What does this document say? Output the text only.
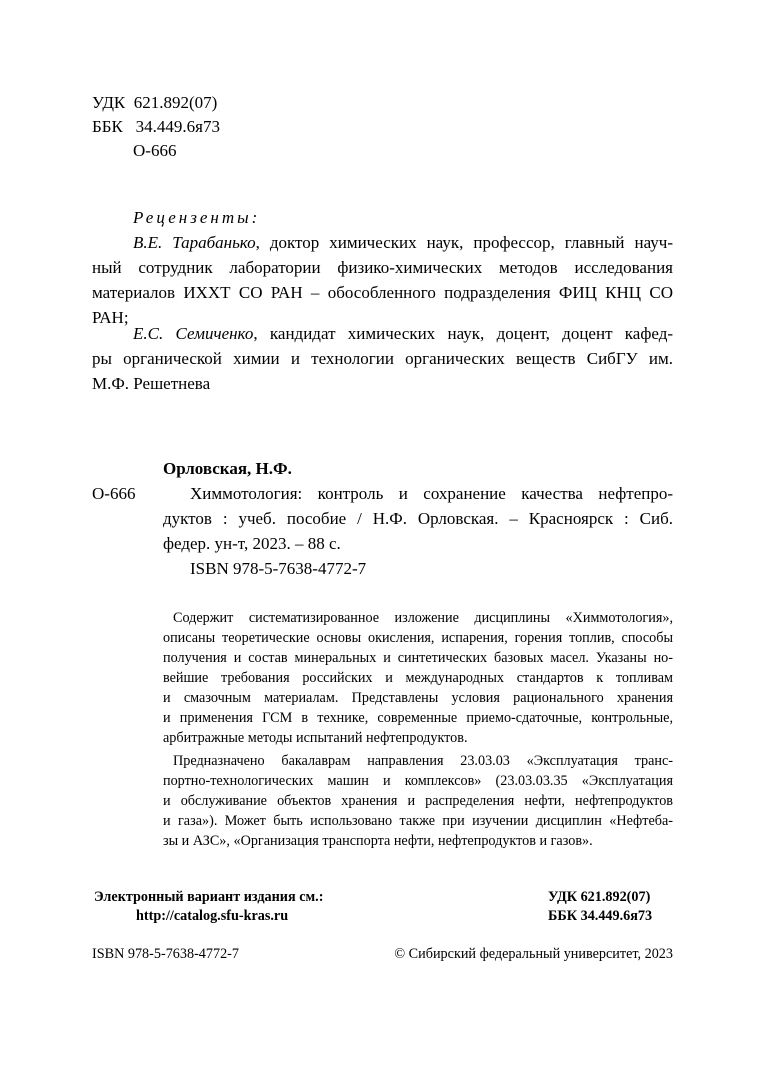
УДК 621.892(07)
ББК 34.449.6я73
О-666
Рецензенты:
В.Е. Тарабанько, доктор химических наук, профессор, главный науч-
ный сотрудник лаборатории физико-химических методов исследования
материалов ИХХТ СО РАН – обособленного подразделения ФИЦ КНЦ СО
РАН;
Е.С. Семиченко, кандидат химических наук, доцент, доцент кафед-
ры органической химии и технологии органических веществ СибГУ им.
М.Ф. Решетнева
Орловская, Н.Ф.
О-666	Химмотология: контроль и сохранение качества нефтепро-
дуктов : учеб. пособие / Н.Ф. Орловская. – Красноярск : Сиб.
федер. ун-т, 2023. – 88 с.
ISBN 978-5-7638-4772-7
Содержит систематизированное изложение дисциплины «Химмотология»,
описаны теоретические основы окисления, испарения, горения топлив, способы
получения и состав минеральных и синтетических базовых масел. Указаны но-
вейшие требования российских и международных стандартов к топливам
и смазочным материалам. Представлены условия рационального хранения
и применения ГСМ в технике, современные приемо-сдаточные, контрольные,
арбитражные методы испытаний нефтепродуктов.
Предназначено бакалаврам направления 23.03.03 «Эксплуатация транс-
портно-технологических машин и комплексов» (23.03.03.35 «Эксплуатация
и обслуживание объектов хранения и распределения нефти, нефтепродуктов
и газа»). Может быть использовано также при изучении дисциплин «Нефтеба-
зы и АЗС», «Организация транспорта нефти, нефтепродуктов и газов».
Электронный вариант издания см.:
http://catalog.sfu-kras.ru
УДК 621.892(07)
ББК 34.449.6я73
ISBN 978-5-7638-4772-7	© Сибирский федеральный университет, 2023
